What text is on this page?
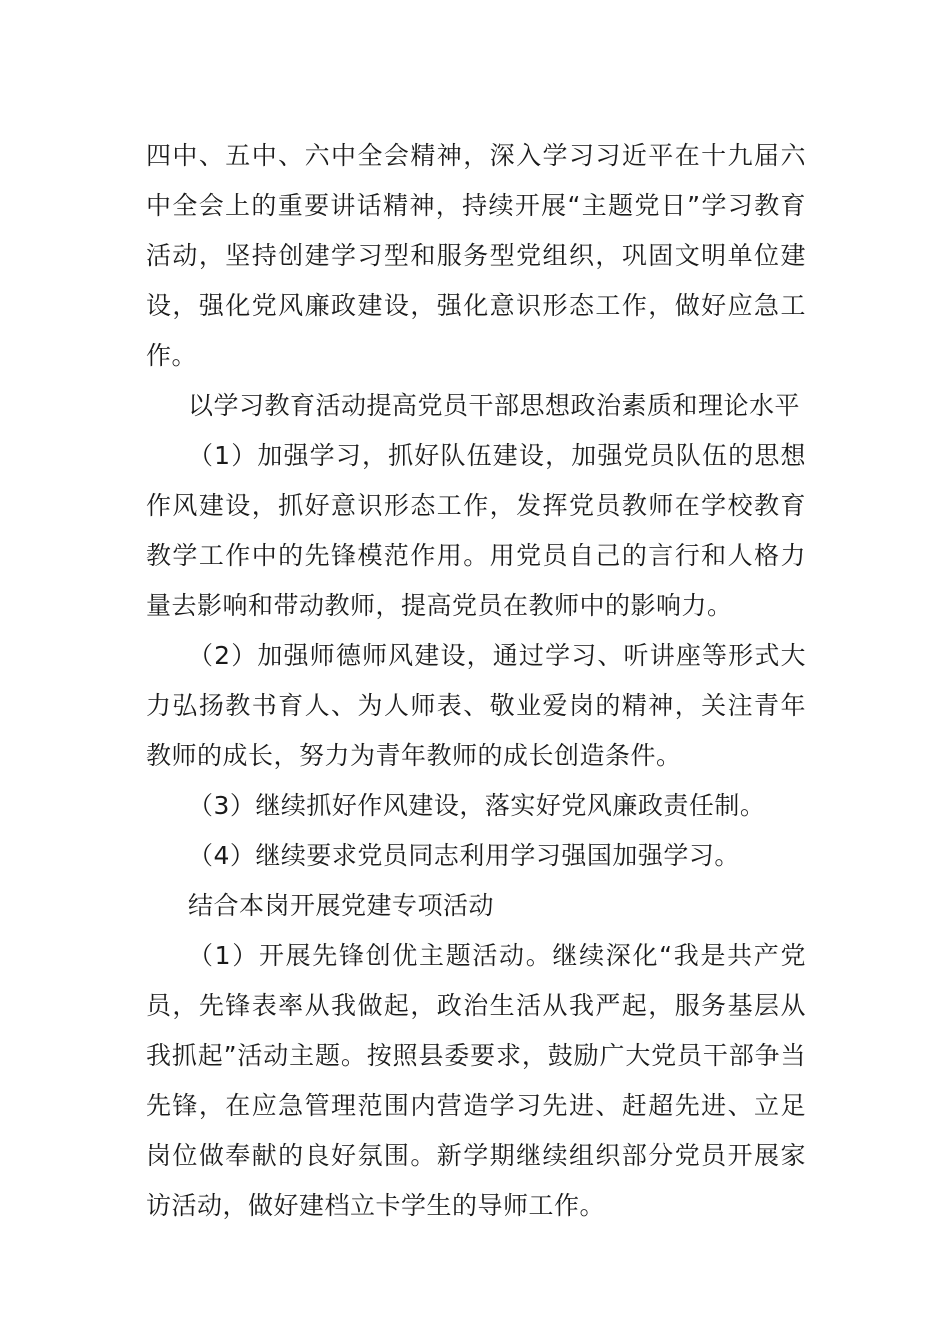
四中、五中、六中全会精神，深入学习习近平在十九届六中全会上的重要讲话精神，持续开展“主题党日”学习教育活动，坚持创建学习型和服务型党组织，巩固文明单位建设，强化党风廉政建设，强化意识形态工作，做好应急工作。

以学习教育活动提高党员干部思想政治素质和理论水平

（1）加强学习，抓好队伍建设，加强党员队伍的思想作风建设，抓好意识形态工作，发挥党员教师在学校教育教学工作中的先锋模范作用。用党员自己的言行和人格力量去影响和带动教师，提高党员在教师中的影响力。

（2）加强师德师风建设，通过学习、听讲座等形式大力弘扬教书育人、为人师表、敬业爱岗的精神，关注青年教师的成长，努力为青年教师的成长创造条件。

（3）继续抓好作风建设，落实好党风廉政责任制。

（4）继续要求党员同志利用学习强国加强学习。

结合本岗开展党建专项活动

（1）开展先锋创优主题活动。继续深化“我是共产党员，先锋表率从我做起，政治生活从我严起，服务基层从我抓起”活动主题。按照县委要求，鼓励广大党员干部争当先锋，在应急管理范围内营造学习先进、赶超先进、立足岗位做奉献的良好氛围。新学期继续组织部分党员开展家访活动，做好建档立卡学生的导师工作。
